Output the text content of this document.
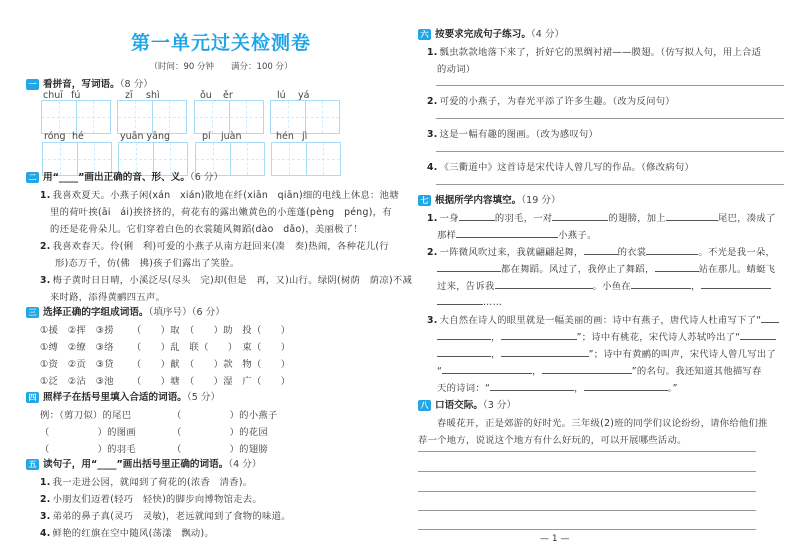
第一单元过关检测卷
（时间：90 分钟　　满分：100 分）
一 看拼音，写词语。（8 分）
chuī fú	zī shì	ǒu ěr	lú yá
róng hé	yuān yāng	pí juàn	hén jì
二 用“____”画出正确的音、形、义。（6 分）
1. 我喜欢夏天。小燕子闲(xán　xián)散地在纤(xiān　qiān)细的电线上休息：池塘
里的荷叶挨(āi　ái)挨挤挤的，荷花有的露出嫩黄色的小莲蓬(pèng　péng)，有
的还是花骨朵儿。它们穿着白色的衣裳随风舞蹈(dào　dǎo)，美丽极了！
2. 我喜欢春天。伶(俐　利)可爱的小燕子从南方赶回来(凑　奏)热闹，各种花儿(行
形)态万千，仿(佛　拂)孩子们露出了笑脸。
3. 梅子黄时日日晴，小溪泛尽(尽头　完)却(但是　再，又)山行。绿阴(树荫　荫凉)不减
来时路，添得黄鹂四五声。
三 选择正确的字组成词语。（填序号）（6 分）
①援　②挥　③捞 （　　）取　（　　）助　投（　　）
①缚　②缭　③络 （　　）乱　联（　　）　束（　　）
①资　②贡　③贷 （　　）献　（　　）款　物（　　）
①泛　②沾　③池 （　　）塘　（　　）湿　广（　　）
四 照样子在括号里填入合适的词语。（5 分）
例：（剪刀似）的尾巴	（　　　　　）的小燕子
（　　　　　）的图画	（　　　　　）的花园
（　　　　　）的羽毛	（　　　　　）的翅膀
五 读句子，用“____”画出括号里正确的词语。（4 分）
1. 我一走进公园，就闻到了荷花的(浓香　清香)。
2. 小朋友们迈着(轻巧　轻快)的脚步向博物馆走去。
3. 弟弟的鼻子真(灵巧　灵敏)，老远就闻到了食物的味道。
4. 鲜艳的红旗在空中随风(荡漾　飘动)。
六 按要求完成句子练习。（4 分）
1. 瓢虫款款地落下来了，折好它的黑绸衬裙——膜翅。（仿写拟人句，用上合适
的动词）
2. 可爱的小燕子，为春光平添了许多生趣。（改为反问句）
3. 这是一幅有趣的图画。（改为感叹句）
4. 《三衢道中》这首诗是宋代诗人曾几写的作品。（修改病句）
七 根据所学内容填空。（19 分）
1. 一身	的羽毛，一对	的翅膀，加上	尾巴，凑成了
那样	小燕子。
2. 一阵微风吹过来，我就翩翩起舞，	的衣裳	。不光是我一朵，
都在舞蹈。风过了，我停止了舞蹈，	站在那儿。蜻蜓飞
过来，告诉我	。小鱼在	，
……
3. 大自然在诗人的眼里就是一幅美丽的画：诗中有燕子，唐代诗人杜甫写下了“
，	”；诗中有桃花，宋代诗人苏轼吟出了“
，	”；诗中有黄鹂的叫声，宋代诗人曾几写出了
“	，	”的名句。我还知道其他描写春
天的诗词：“	，	。”
八 口语交际。（3 分）
春暖花开，正是郊游的好时光。三年级(2)班的同学们议论纷纷，请你给他们推
荐一个地方，说说这个地方有什么好玩的，可以开展哪些活动。
— 1 —
